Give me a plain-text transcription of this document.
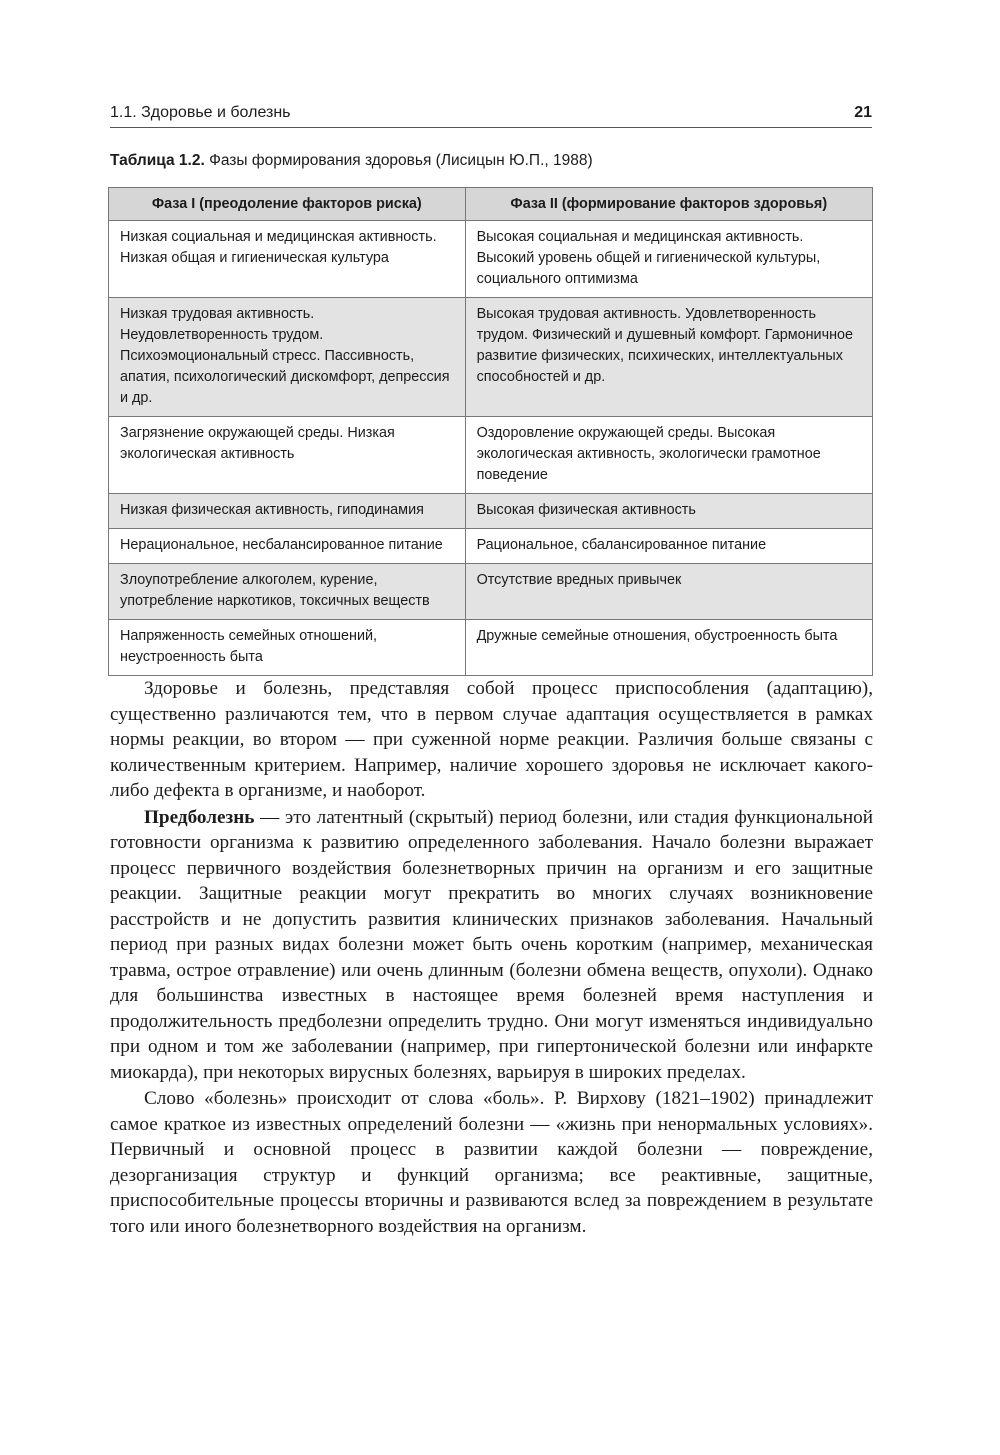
1.1. Здоровье и болезнь	21
Таблица 1.2. Фазы формирования здоровья (Лисицын Ю.П., 1988)
Фаза I (преодоление факторов риска)	Фаза II (формирование факторов здоровья)
Низкая социальная и медицинская активность. Низкая общая и гигиеническая культура	Высокая социальная и медицинская активность. Высокий уровень общей и гигиенической культуры, социального оптимизма
Низкая трудовая активность. Неудовлетворенность трудом. Психоэмоциональный стресс. Пассивность, апатия, психологический дискомфорт, депрессия и др.	Высокая трудовая активность. Удовлетворенность трудом. Физический и душевный комфорт. Гармоничное развитие физических, психических, интеллектуальных способностей и др.
Загрязнение окружающей среды. Низкая экологическая активность	Оздоровление окружающей среды. Высокая экологическая активность, экологически грамотное поведение
Низкая физическая активность, гиподинамия	Высокая физическая активность
Нерациональное, несбалансированное питание	Рациональное, сбалансированное питание
Злоупотребление алкоголем, курение, употребление наркотиков, токсичных веществ	Отсутствие вредных привычек
Напряженность семейных отношений, неустроенность быта	Дружные семейные отношения, обустроенность быта

Здоровье и болезнь, представляя собой процесс приспособления (адаптацию), существенно различаются тем, что в первом случае адаптация осуществляется в рамках нормы реакции, во втором — при суженной норме реакции. Различия больше связаны с количественным критерием. Например, наличие хорошего здоровья не исключает какого-либо дефекта в организме, и наоборот.

Предболезнь — это латентный (скрытый) период болезни, или стадия функциональной готовности организма к развитию определенного заболевания. Начало болезни выражает процесс первичного воздействия болезнетворных причин на организм и его защитные реакции. Защитные реакции могут прекратить во многих случаях возникновение расстройств и не допустить развития клинических признаков заболевания. Начальный период при разных видах болезни может быть очень коротким (например, механическая травма, острое отравление) или очень длинным (болезни обмена веществ, опухоли). Однако для большинства известных в настоящее время болезней время наступления и продолжительность предболезни определить трудно. Они могут изменяться индивидуально при одном и том же заболевании (например, при гипертонической болезни или инфаркте миокарда), при некоторых вирусных болезнях, варьируя в широких пределах.

Слово «болезнь» происходит от слова «боль». Р. Вирхову (1821–1902) принадлежит самое краткое из известных определений болезни — «жизнь при ненормальных условиях». Первичный и основной процесс в развитии каждой болезни — повреждение, дезорганизация структур и функций организма; все реактивные, защитные, приспособительные процессы вторичны и развиваются вслед за повреждением в результате того или иного болезнетворного воздействия на организм.
